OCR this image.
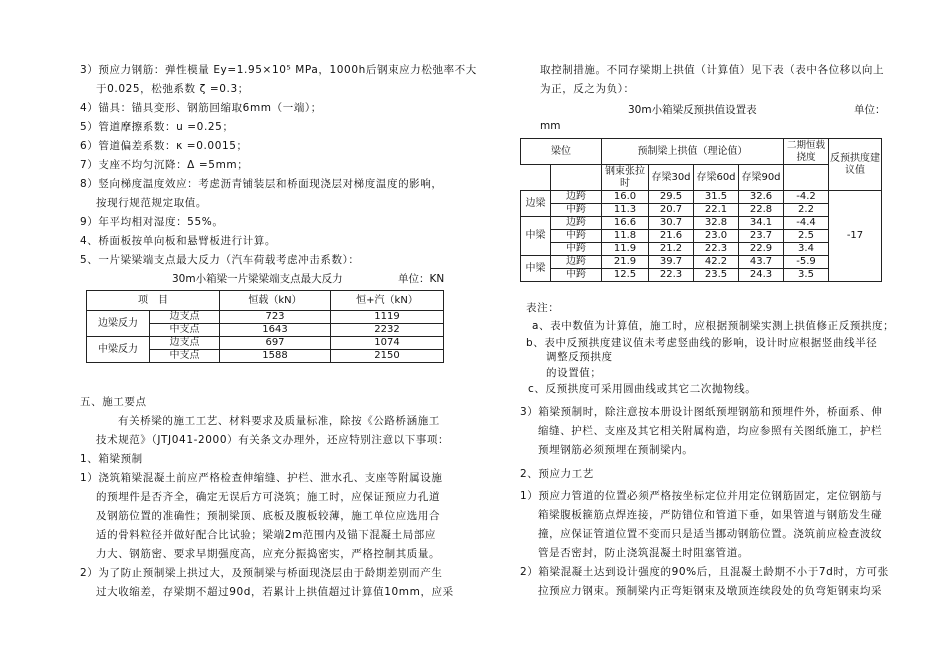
3）预应力钢筋：弹性模量 Ey=1.95×10⁵ MPa，1000h后钢束应力松弛率不大
于0.025，松弛系数 ζ =0.3；
4）锚具：锚具变形、钢筋回缩取6mm（一端）；
5）管道摩擦系数：u =0.25；
6）管道偏差系数：κ =0.0015；
7）支座不均匀沉降：Δ =5mm；
8）竖向梯度温度效应：考虑沥青铺装层和桥面现浇层对梯度温度的影响，
按现行规范规定取值。
9）年平均相对湿度：55%。
4、桥面板按单向板和悬臂板进行计算。
5、一片梁梁端支点最大反力（汽车荷载考虑冲击系数）：
30m小箱梁一片梁梁端支点最大反力	单位：KN
项　目		恒载（kN）	恒+汽（kN）
边梁反力	边支点	723	1119
	中支点	1643	2232
中梁反力	边支点	697	1074
	中支点	1588	2150
五、施工要点
有关桥梁的施工工艺、材料要求及质量标准，除按《公路桥涵施工
技术规范》（JTJ041-2000）有关条文办理外，还应特别注意以下事项：
1、箱梁预制
1）浇筑箱梁混凝土前应严格检查伸缩缝、护栏、泄水孔、支座等附属设施
的预埋件是否齐全，确定无误后方可浇筑；施工时，应保证预应力孔道
及钢筋位置的准确性；预制梁顶、底板及腹板较薄，施工单位应选用合
适的骨料粒径并做好配合比试验；梁端2m范围内及锚下混凝土局部应
力大、钢筋密、要求早期强度高，应充分振捣密实，严格控制其质量。
2）为了防止预制梁上拱过大，及预制梁与桥面现浇层由于龄期差别而产生
过大收缩差，存梁期不超过90d，若累计上拱值超过计算值10mm，应采
取控制措施。不同存梁期上拱值（计算值）见下表（表中各位移以向上
为正，反之为负）：
30m小箱梁反预拱值设置表	单位：
mm
梁位		预制梁上拱值（理论值）				二期恒载挠度	反预拱度建议值
		钢束张拉时	存梁30d	存梁60d	存梁90d		
边梁	边跨	16.0	29.5	31.5	32.6	-4.2	-17
	中跨	11.3	20.7	22.1	22.8	2.2	
中梁	边跨	16.6	30.7	32.8	34.1	-4.4	
	中跨	11.8	21.6	23.0	23.7	2.5	
	中跨	11.9	21.2	22.3	22.9	3.4	
中梁	边跨	21.9	39.7	42.2	43.7	-5.9	
	中跨	12.5	22.3	23.5	24.3	3.5	
表注：
a、表中数值为计算值，施工时，应根据预制梁实测上拱值修正反预拱度；
b、表中反预拱度建议值未考虑竖曲线的影响，设计时应根据竖曲线半径
调整反预拱度
的设置值；
c、反预拱度可采用圆曲线或其它二次抛物线。
3）箱梁预制时，除注意按本册设计图纸预埋钢筋和预埋件外，桥面系、伸
缩缝、护栏、支座及其它相关附属构造，均应参照有关图纸施工，护栏
预埋钢筋必须预埋在预制梁内。
2、预应力工艺
1）预应力管道的位置必须严格按坐标定位并用定位钢筋固定，定位钢筋与
箱梁腹板箍筋点焊连接，严防错位和管道下垂，如果管道与钢筋发生碰
撞，应保证管道位置不变而只是适当挪动钢筋位置。浇筑前应检查波纹
管是否密封，防止浇筑混凝土时阻塞管道。
2）箱梁混凝土达到设计强度的90%后，且混凝土龄期不小于7d时，方可张
拉预应力钢束。预制梁内正弯矩钢束及墩顶连续段处的负弯矩钢束均采
